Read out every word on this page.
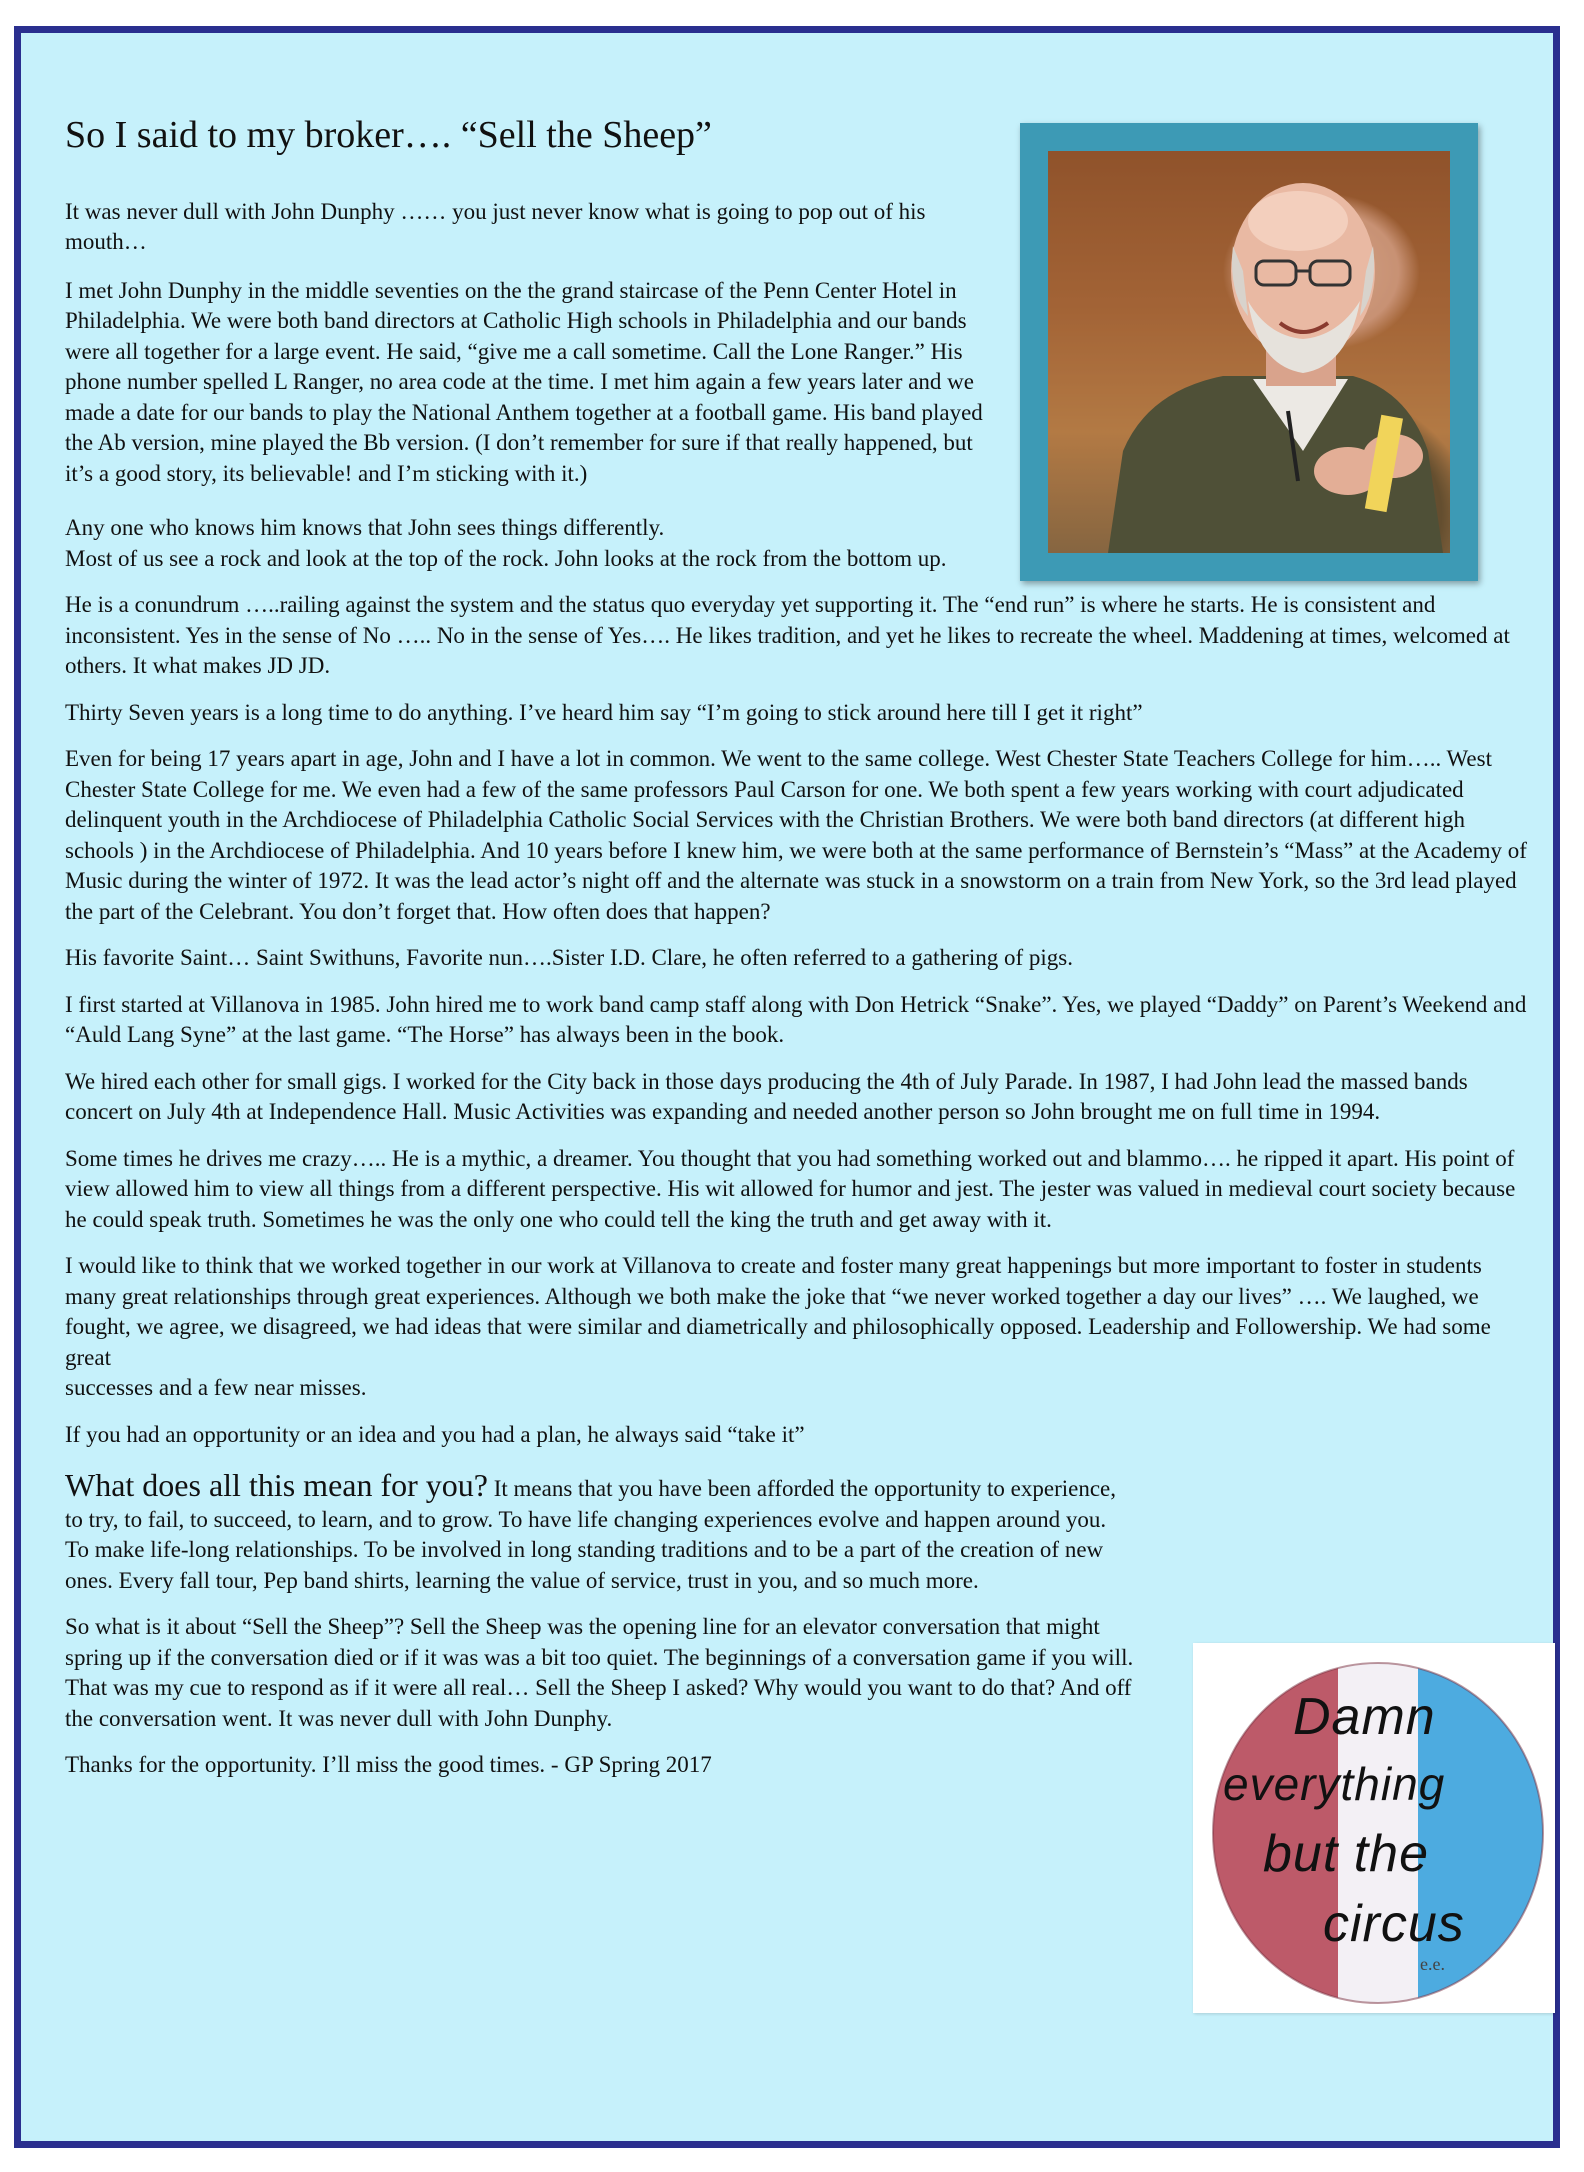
So I said to my broker…. “Sell the Sheep”

It was never dull with John Dunphy …… you just never know what is going to pop out of his mouth…

I met John Dunphy in the middle seventies on the the grand staircase of the Penn Center Hotel in Philadelphia. We were both band directors at Catholic High schools in Philadelphia and our bands were all together for a large event. He said, “give me a call sometime. Call the Lone Ranger.” His phone number spelled L Ranger, no area code at the time. I met him again a few years later and we made a date for our bands to play the National Anthem together at a football game. His band played the Ab version, mine played the Bb version. (I don’t remember for sure if that really happened, but it’s a good story, its believable! and I’m sticking with it.)

Any one who knows him knows that John sees things differently.
Most of us see a rock and look at the top of the rock. John looks at the rock from the bottom up.

He is a conundrum …..railing against the system and the status quo everyday yet supporting it. The “end run” is where he starts. He is consistent and inconsistent. Yes in the sense of No ….. No in the sense of Yes…. He likes tradition, and yet he likes to recreate the wheel. Maddening at times, welcomed at others. It what makes JD JD.

Thirty Seven years is a long time to do anything. I’ve heard him say “I’m going to stick around here till I get it right”

Even for being 17 years apart in age, John and I have a lot in common. We went to the same college. West Chester State Teachers College for him….. West Chester State College for me. We even had a few of the same professors Paul Carson for one. We both spent a few years working with court adjudicated delinquent youth in the Archdiocese of Philadelphia Catholic Social Services with the Christian Brothers. We were both band directors (at different high schools ) in the Archdiocese of Philadelphia. And 10 years before I knew him, we were both at the same performance of Bernstein’s “Mass” at the Academy of Music during the winter of 1972. It was the lead actor’s night off and the alternate was stuck in a snowstorm on a train from New York, so the 3rd lead played the part of the Celebrant. You don’t forget that. How often does that happen?

His favorite Saint… Saint Swithuns, Favorite nun….Sister I.D. Clare, he often referred to a gathering of pigs.

I first started at Villanova in 1985. John hired me to work band camp staff along with Don Hetrick “Snake”. Yes, we played “Daddy” on Parent’s Weekend and “Auld Lang Syne” at the last game. “The Horse” has always been in the book.

We hired each other for small gigs. I worked for the City back in those days producing the 4th of July Parade. In 1987, I had John lead the massed bands concert on July 4th at Independence Hall. Music Activities was expanding and needed another person so John brought me on full time in 1994.

Some times he drives me crazy….. He is a mythic, a dreamer. You thought that you had something worked out and blammo…. he ripped it apart. His point of view allowed him to view all things from a different perspective. His wit allowed for humor and jest. The jester was valued in medieval court society because he could speak truth. Sometimes he was the only one who could tell the king the truth and get away with it.

I would like to think that we worked together in our work at Villanova to create and foster many great happenings but more important to foster in students many great relationships through great experiences. Although we both make the joke that “we never worked together a day our lives” …. We laughed, we fought, we agree, we disagreed, we had ideas that were similar and diametrically and philosophically opposed. Leadership and Followership. We had some great
successes and a few near misses.

If you had an opportunity or an idea and you had a plan, he always said “take it”

What does all this mean for you? It means that you have been afforded the opportunity to experience, to try, to fail, to succeed, to learn, and to grow. To have life changing experiences evolve and happen around you. To make life-long relationships. To be involved in long standing traditions and to be a part of the creation of new ones. Every fall tour, Pep band shirts, learning the value of service, trust in you, and so much more.

So what is it about “Sell the Sheep”? Sell the Sheep was the opening line for an elevator conversation that might spring up if the conversation died or if it was was a bit too quiet. The beginnings of a conversation game if you will. That was my cue to respond as if it were all real… Sell the Sheep I asked? Why would you want to do that? And off the conversation went. It was never dull with John Dunphy.

Thanks for the opportunity. I’ll miss the good times. - GP Spring 2017

Damn
everything
but the
circus
e.e.
